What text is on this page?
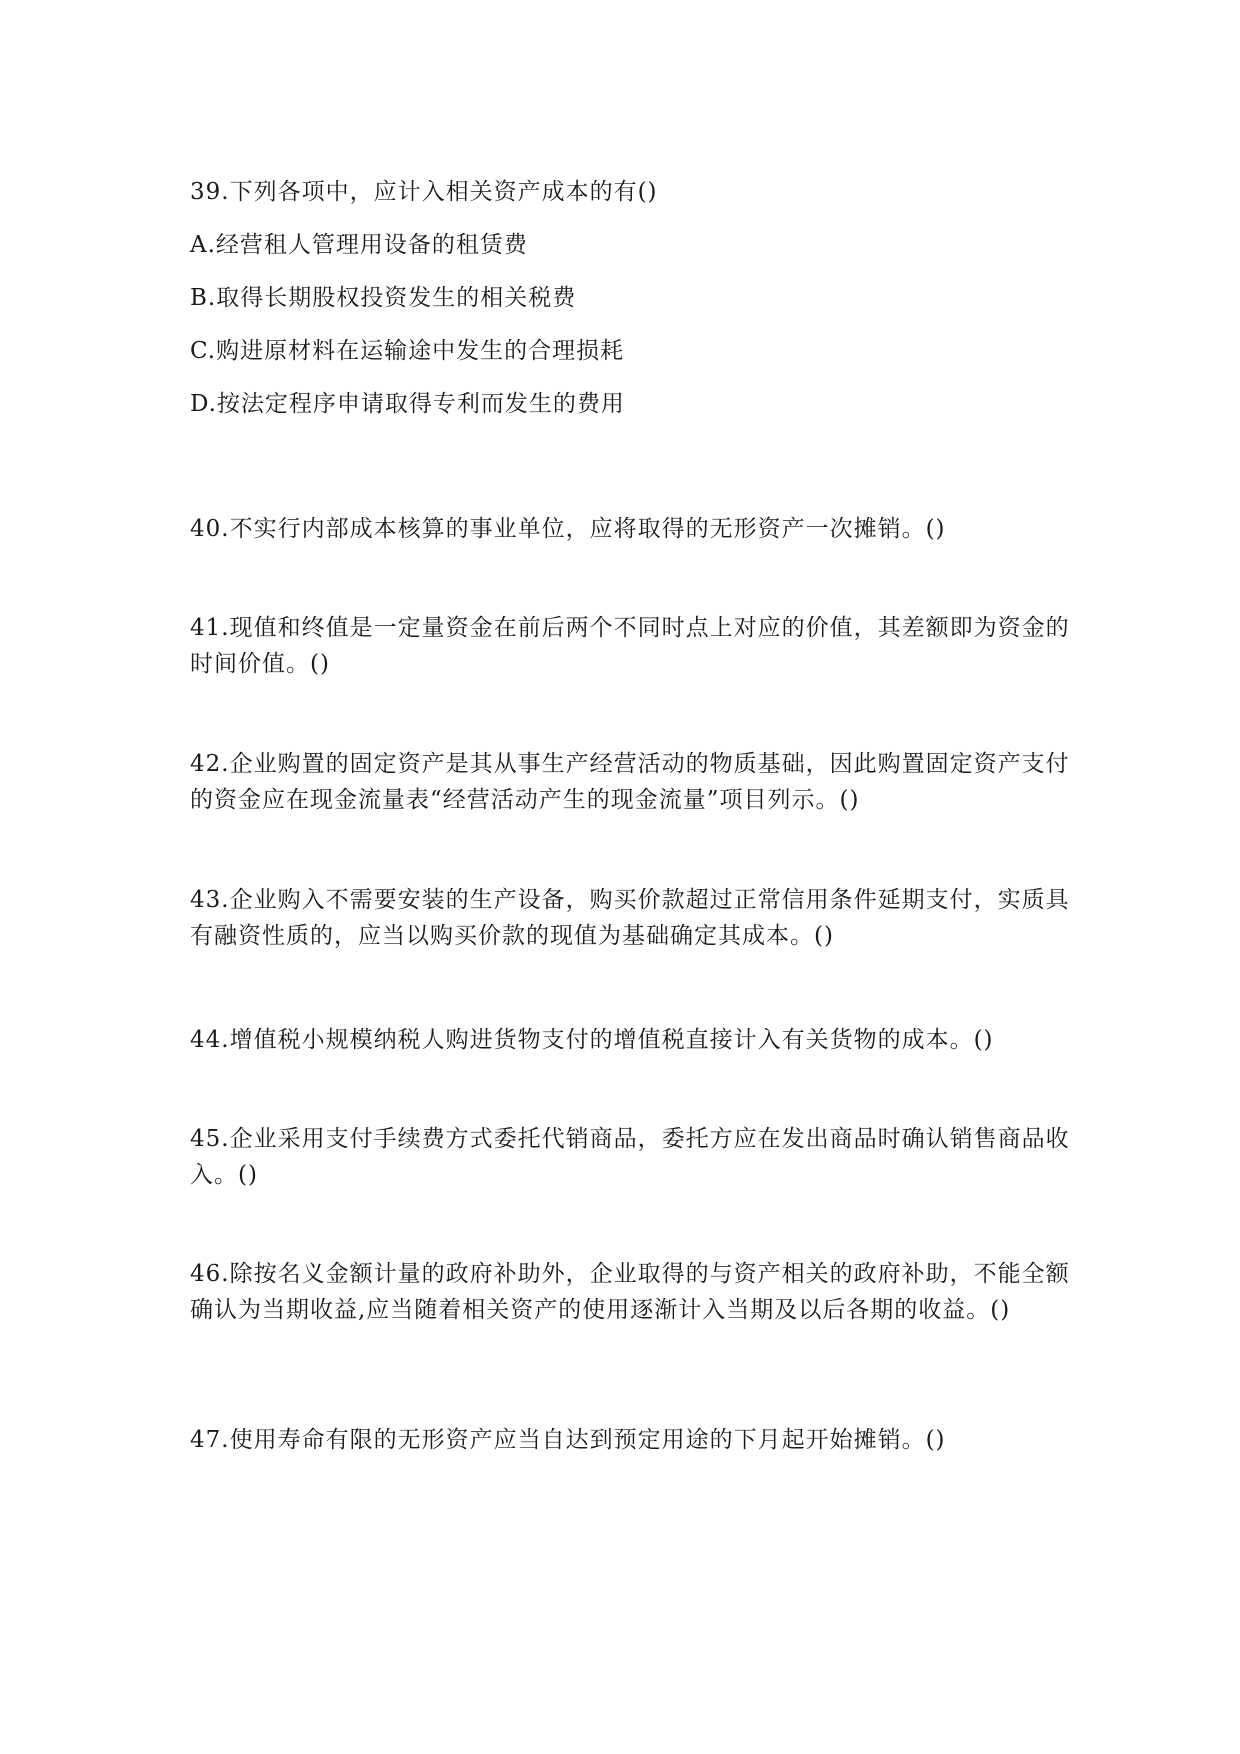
39.下列各项中，应计入相关资产成本的有()
A.经营租人管理用设备的租赁费
B.取得长期股权投资发生的相关税费
C.购进原材料在运输途中发生的合理损耗
D.按法定程序申请取得专利而发生的费用
40.不实行内部成本核算的事业单位，应将取得的无形资产一次摊销。()
41.现值和终值是一定量资金在前后两个不同时点上对应的价值，其差额即为资金的时间价值。()
42.企业购置的固定资产是其从事生产经营活动的物质基础，因此购置固定资产支付的资金应在现金流量表“经营活动产生的现金流量”项目列示。()
43.企业购入不需要安装的生产设备，购买价款超过正常信用条件延期支付，实质具有融资性质的，应当以购买价款的现值为基础确定其成本。()
44.增值税小规模纳税人购进货物支付的增值税直接计入有关货物的成本。()
45.企业采用支付手续费方式委托代销商品，委托方应在发出商品时确认销售商品收入。()
46.除按名义金额计量的政府补助外，企业取得的与资产相关的政府补助，不能全额确认为当期收益,应当随着相关资产的使用逐渐计入当期及以后各期的收益。()
47.使用寿命有限的无形资产应当自达到预定用途的下月起开始摊销。()
